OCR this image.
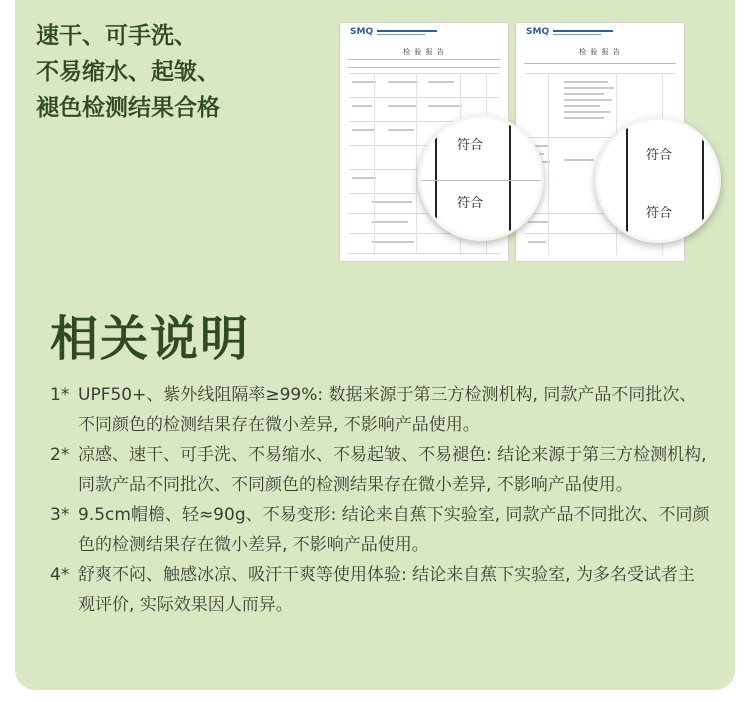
速干、可手洗、
不易缩水、起皱、
褪色检测结果合格
SMQ
检 验 报 告
SMQ
检 验 报 告
符合
符合
符合
符合
相关说明
1* UPF50+、紫外线阻隔率≥99%: 数据来源于第三方检测机构, 同款产品不同批次、不同颜色的检测结果存在微小差异, 不影响产品使用。
2* 凉感、速干、可手洗、不易缩水、不易起皱、不易褪色: 结论来源于第三方检测机构, 同款产品不同批次、不同颜色的检测结果存在微小差异, 不影响产品使用。
3* 9.5cm帽檐、轻≈90g、不易变形: 结论来自蕉下实验室, 同款产品不同批次、不同颜色的检测结果存在微小差异, 不影响产品使用。
4* 舒爽不闷、触感冰凉、吸汗干爽等使用体验: 结论来自蕉下实验室, 为多名受试者主观评价, 实际效果因人而异。
